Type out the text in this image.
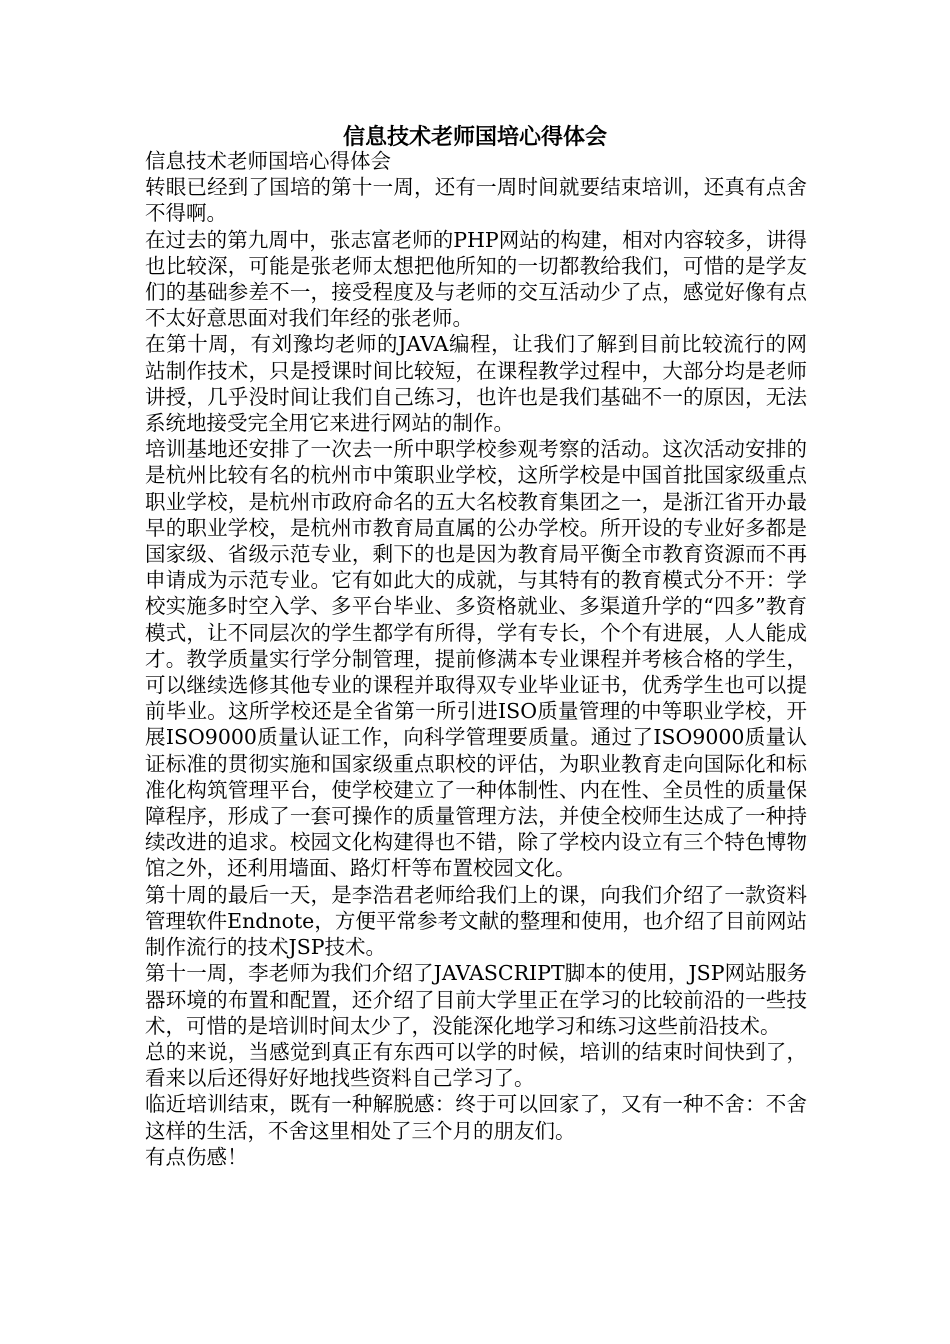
信息技术老师国培心得体会

信息技术老师国培心得体会

转眼已经到了国培的第十一周，还有一周时间就要结束培训，还真有点舍不得啊。

在过去的第九周中，张志富老师的PHP网站的构建，相对内容较多，讲得也比较深，可能是张老师太想把他所知的一切都教给我们，可惜的是学友们的基础参差不一，接受程度及与老师的交互活动少了点，感觉好像有点不太好意思面对我们年经的张老师。

在第十周，有刘豫均老师的JAVA编程，让我们了解到目前比较流行的网站制作技术，只是授课时间比较短，在课程教学过程中，大部分均是老师讲授，几乎没时间让我们自己练习，也许也是我们基础不一的原因，无法系统地接受完全用它来进行网站的制作。

培训基地还安排了一次去一所中职学校参观考察的活动。这次活动安排的是杭州比较有名的杭州市中策职业学校，这所学校是中国首批国家级重点职业学校，是杭州市政府命名的五大名校教育集团之一，是浙江省开办最早的职业学校，是杭州市教育局直属的公办学校。所开设的专业好多都是国家级、省级示范专业，剩下的也是因为教育局平衡全市教育资源而不再申请成为示范专业。它有如此大的成就，与其特有的教育模式分不开：学校实施多时空入学、多平台毕业、多资格就业、多渠道升学的“四多”教育模式，让不同层次的学生都学有所得，学有专长，个个有进展，人人能成才。教学质量实行学分制管理，提前修满本专业课程并考核合格的学生，可以继续选修其他专业的课程并取得双专业毕业证书，优秀学生也可以提前毕业。这所学校还是全省第一所引进ISO质量管理的中等职业学校，开展ISO9000质量认证工作，向科学管理要质量。通过了ISO9000质量认证标准的贯彻实施和国家级重点职校的评估，为职业教育走向国际化和标准化构筑管理平台，使学校建立了一种体制性、内在性、全员性的质量保障程序，形成了一套可操作的质量管理方法，并使全校师生达成了一种持续改进的追求。校园文化构建得也不错，除了学校内设立有三个特色博物馆之外，还利用墙面、路灯杆等布置校园文化。

第十周的最后一天，是李浩君老师给我们上的课，向我们介绍了一款资料管理软件Endnote，方便平常参考文献的整理和使用，也介绍了目前网站制作流行的技术JSP技术。

第十一周，李老师为我们介绍了JAVASCRIPT脚本的使用，JSP网站服务器环境的布置和配置，还介绍了目前大学里正在学习的比较前沿的一些技术，可惜的是培训时间太少了，没能深化地学习和练习这些前沿技术。

总的来说，当感觉到真正有东西可以学的时候，培训的结束时间快到了，看来以后还得好好地找些资料自己学习了。

临近培训结束，既有一种解脱感：终于可以回家了，又有一种不舍：不舍这样的生活，不舍这里相处了三个月的朋友们。

有点伤感！
